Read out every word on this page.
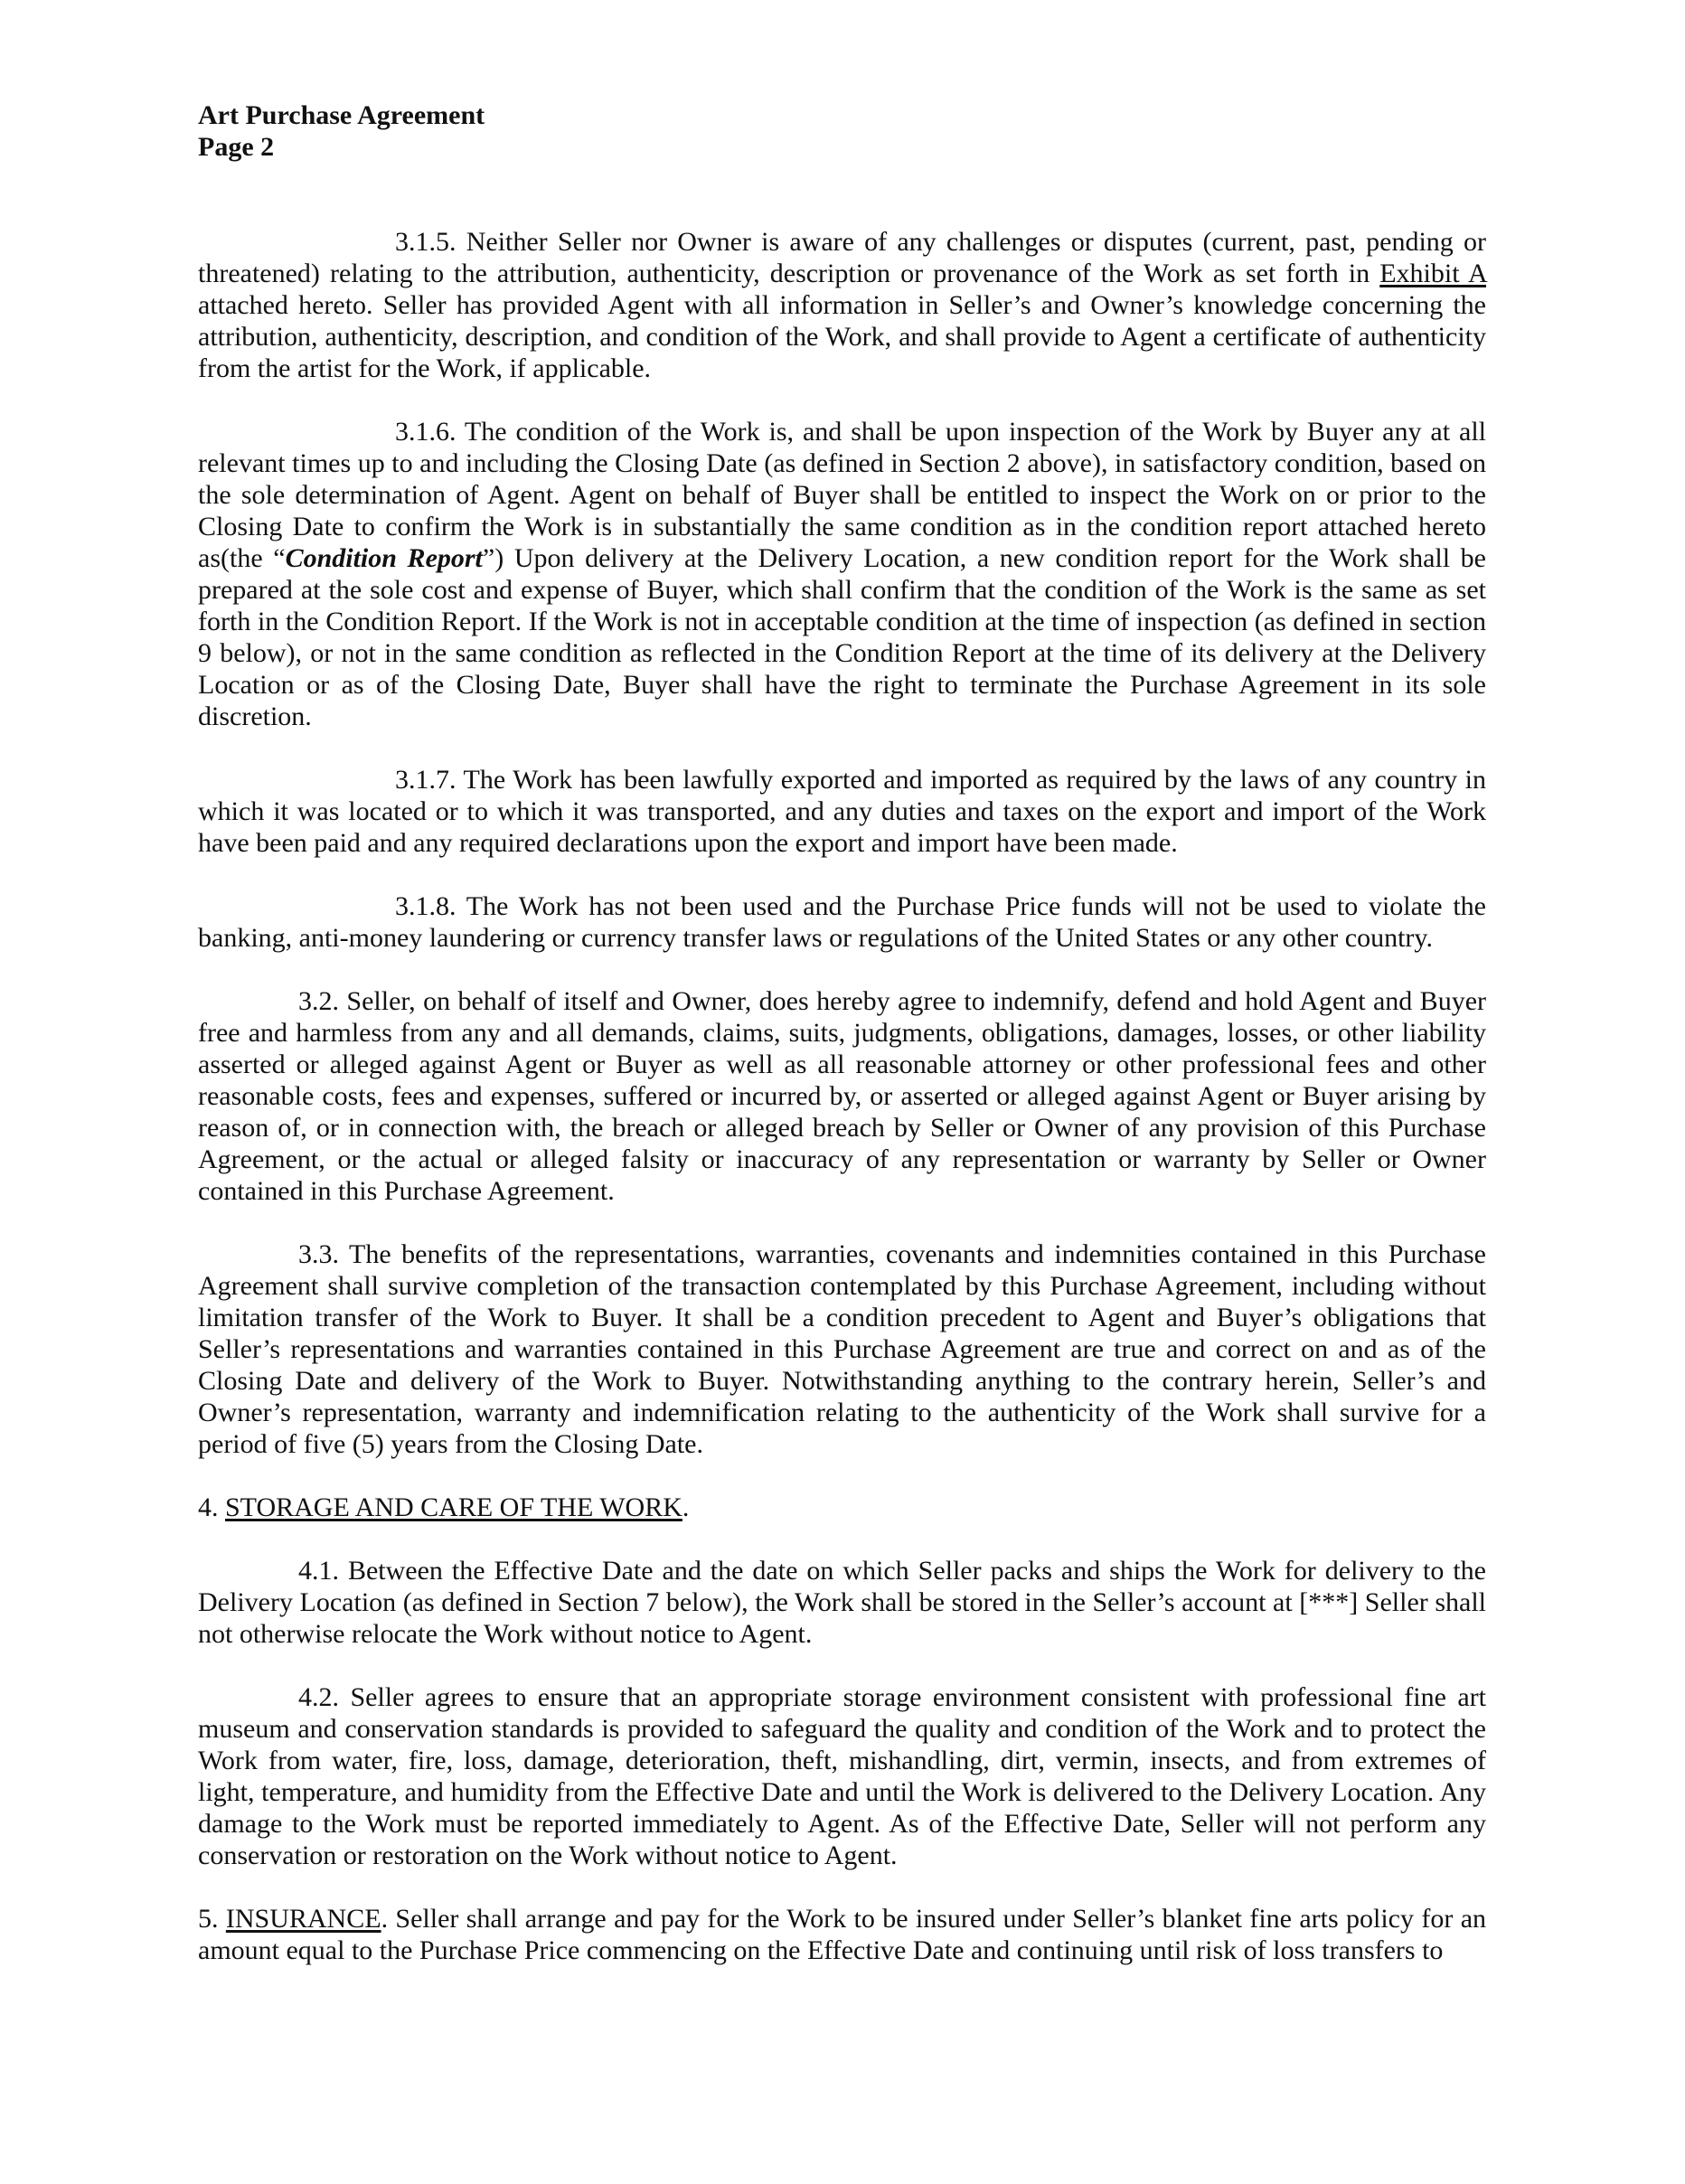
Art Purchase Agreement
Page 2

3.1.5. Neither Seller nor Owner is aware of any challenges or disputes (current, past, pending or threatened) relating to the attribution, authenticity, description or provenance of the Work as set forth in Exhibit A attached hereto. Seller has provided Agent with all information in Seller’s and Owner’s knowledge concerning the attribution, authenticity, description, and condition of the Work, and shall provide to Agent a certificate of authenticity from the artist for the Work, if applicable.

3.1.6. The condition of the Work is, and shall be upon inspection of the Work by Buyer any at all relevant times up to and including the Closing Date (as defined in Section 2 above), in satisfactory condition, based on the sole determination of Agent. Agent on behalf of Buyer shall be entitled to inspect the Work on or prior to the Closing Date to confirm the Work is in substantially the same condition as in the condition report attached hereto as(the “Condition Report”) Upon delivery at the Delivery Location, a new condition report for the Work shall be prepared at the sole cost and expense of Buyer, which shall confirm that the condition of the Work is the same as set forth in the Condition Report. If the Work is not in acceptable condition at the time of inspection (as defined in section 9 below), or not in the same condition as reflected in the Condition Report at the time of its delivery at the Delivery Location or as of the Closing Date, Buyer shall have the right to terminate the Purchase Agreement in its sole discretion.

3.1.7. The Work has been lawfully exported and imported as required by the laws of any country in which it was located or to which it was transported, and any duties and taxes on the export and import of the Work have been paid and any required declarations upon the export and import have been made.

3.1.8. The Work has not been used and the Purchase Price funds will not be used to violate the banking, anti-money laundering or currency transfer laws or regulations of the United States or any other country.

3.2. Seller, on behalf of itself and Owner, does hereby agree to indemnify, defend and hold Agent and Buyer free and harmless from any and all demands, claims, suits, judgments, obligations, damages, losses, or other liability asserted or alleged against Agent or Buyer as well as all reasonable attorney or other professional fees and other reasonable costs, fees and expenses, suffered or incurred by, or asserted or alleged against Agent or Buyer arising by reason of, or in connection with, the breach or alleged breach by Seller or Owner of any provision of this Purchase Agreement, or the actual or alleged falsity or inaccuracy of any representation or warranty by Seller or Owner contained in this Purchase Agreement.

3.3. The benefits of the representations, warranties, covenants and indemnities contained in this Purchase Agreement shall survive completion of the transaction contemplated by this Purchase Agreement, including without limitation transfer of the Work to Buyer. It shall be a condition precedent to Agent and Buyer’s obligations that Seller’s representations and warranties contained in this Purchase Agreement are true and correct on and as of the Closing Date and delivery of the Work to Buyer. Notwithstanding anything to the contrary herein, Seller’s and Owner’s representation, warranty and indemnification relating to the authenticity of the Work shall survive for a period of five (5) years from the Closing Date.

4. STORAGE AND CARE OF THE WORK.

4.1. Between the Effective Date and the date on which Seller packs and ships the Work for delivery to the Delivery Location (as defined in Section 7 below), the Work shall be stored in the Seller’s account at [***] Seller shall not otherwise relocate the Work without notice to Agent.

4.2. Seller agrees to ensure that an appropriate storage environment consistent with professional fine art museum and conservation standards is provided to safeguard the quality and condition of the Work and to protect the Work from water, fire, loss, damage, deterioration, theft, mishandling, dirt, vermin, insects, and from extremes of light, temperature, and humidity from the Effective Date and until the Work is delivered to the Delivery Location. Any damage to the Work must be reported immediately to Agent. As of the Effective Date, Seller will not perform any conservation or restoration on the Work without notice to Agent.

5. INSURANCE. Seller shall arrange and pay for the Work to be insured under Seller’s blanket fine arts policy for an amount equal to the Purchase Price commencing on the Effective Date and continuing until risk of loss transfers to
